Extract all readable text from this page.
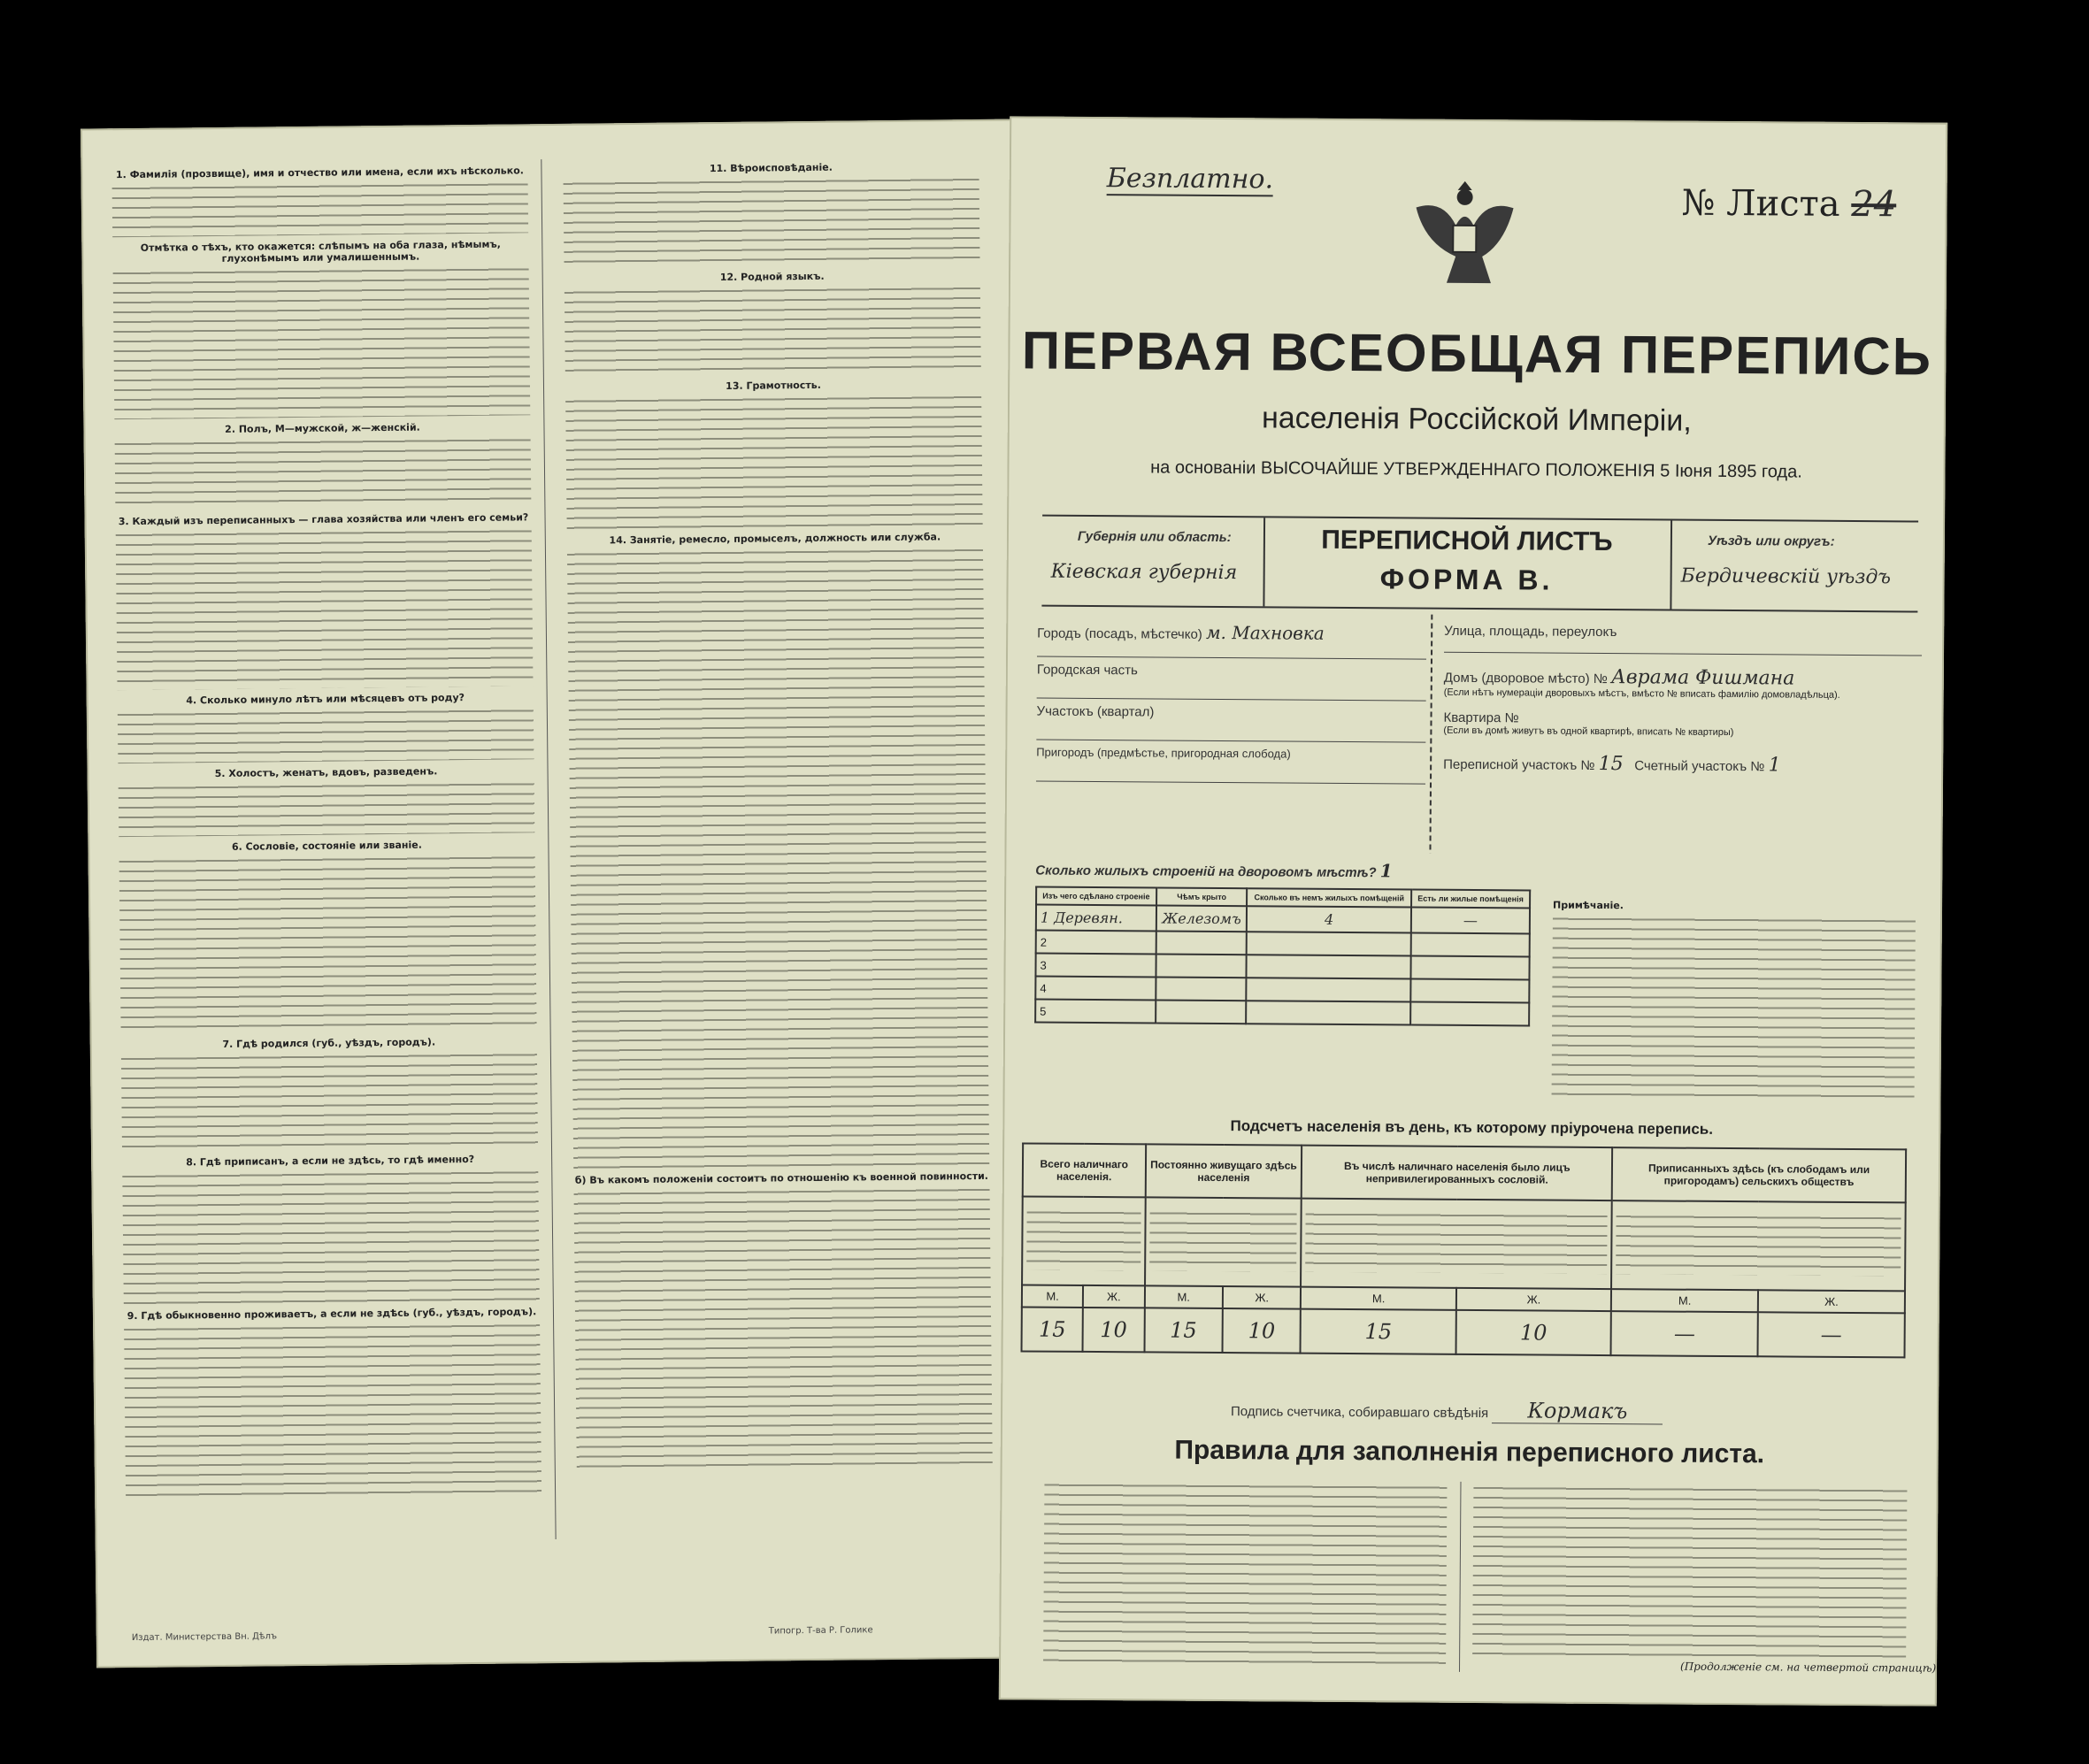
1. Фамилія (прозвище), имя и отчество или имена, если ихъ нѣсколько.
Отмѣтка о тѣхъ, кто окажется: слѣпымъ на оба глаза, нѣмымъ, глухонѣмымъ или умалишеннымъ.
2. Полъ, М—мужской, ж—женскій.
3. Каждый изъ переписанныхъ — глава хозяйства или членъ его семьи?
4. Сколько минуло лѣтъ или мѣсяцевъ отъ роду?
5. Холостъ, женатъ, вдовъ, разведенъ.
6. Сословіе, состояніе или званіе.
7. Гдѣ родился (губ., уѣздъ, городъ).
8. Гдѣ приписанъ, а если не здѣсь, то гдѣ именно?
9. Гдѣ обыкновенно проживаетъ, а если не здѣсь (губ., уѣздъ, городъ).
11. Вѣроисповѣданіе.
12. Родной языкъ.
13. Грамотность.
14. Занятіе, ремесло, промыселъ, должность или служба.
б) Въ какомъ положеніи состоитъ по отношенію къ военной повинности.
Издат. Министерства Вн. Дѣлъ
Типогр. Т-ва Р. Голике
Безплатно.
№ Листа 24
ПЕРВАЯ ВСЕОБЩАЯ ПЕРЕПИСЬ
населенія Россійской Имперіи,
на основаніи ВЫСОЧАЙШЕ УТВЕРЖДЕННАГО ПОЛОЖЕНІЯ 5 Іюня 1895 года.
Губернія или область:
Кіевская губернія
ПЕРЕПИСНОЙ ЛИСТЪ
ФОРМА В.
Уѣздъ или округъ:
Бердичевскій уѣздъ
Городъ (посадъ, мѣстечко) м. Махновка
Городская часть
Участокъ (квартал)
Пригородъ (предмѣстье, пригородная слобода)
Улица, площадь, переулокъ
Домъ (дворовое мѣсто) № Аврама Фишмана
(Если нѣтъ нумераціи дворовыхъ мѣстъ, вмѣсто № вписать фамилію домовладѣльца).
Квартира №
(Если въ домѣ живутъ въ одной квартирѣ, вписать № квартиры)
Переписной участокъ № 15 Счетный участокъ № 1
Сколько жилыхъ строеній на дворовомъ мѣстѣ? 1
Изъ чего сдѣлано строеніе	Чѣмъ крыто	Сколько въ немъ жилыхъ помѣщеній	Есть ли жилые помѣщенія
1 Деревян.	Железомъ	4	—
2			
3			
4			
5			
Примѣчаніе.
Подсчетъ населенія въ день, къ которому пріурочена перепись.
Всего наличнаго населенія.		Постоянно живущаго здѣсь населенія		Въ числѣ наличнаго населенія было лицъ непривилегированныхъ сословій.		Приписанныхъ здѣсь (къ слободамъ или пригородамъ) сельскихъ обществъ	

М.	Ж.	М.	Ж.	М.	Ж.	М.	Ж.
15	10	15	10	15	10	—	—
Подпись счетчика, собиравшаго свѣдѣнія Кормакъ
Правила для заполненія переписного листа.
(Продолженіе см. на четвертой страницѣ)
